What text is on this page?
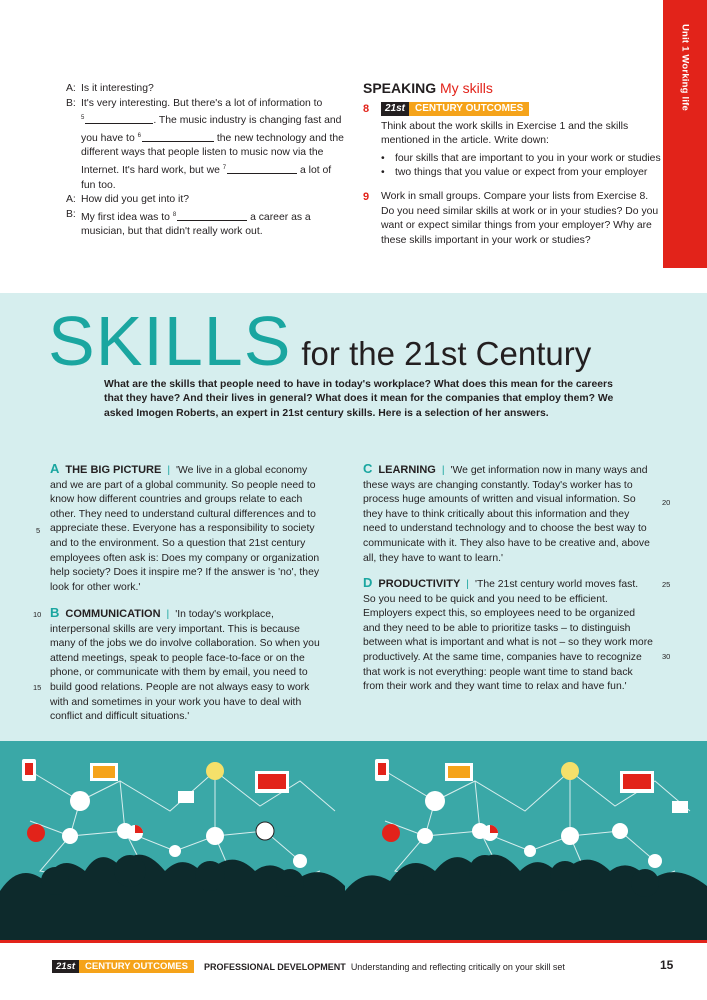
Unit 1 Working life
A: Is it interesting?
B: It's very interesting. But there's a lot of information to
$^5$	. The music industry is changing fast and
you have to $^6$	the new technology and the
different ways that people listen to music now via the
Internet. It's hard work, but we $^7$	a lot of
fun too.
A: How did you get into it?
B: My first idea was to $^8$	a career as a
musician, but that didn't really work out.
SPEAKING My skills
8	21st	CENTURY OUTCOMES
Think about the work skills in Exercise 1 and the skills mentioned in the article. Write down:
• four skills that are important to you in your work or studies
• two things that you value or expect from your employer
9	Work in small groups. Compare your lists from Exercise 8. Do you need similar skills at work or in your studies? Do you want or expect similar things from your employer? Why are these skills important in your work or studies?
SKILLS for the 21st Century
What are the skills that people need to have in today's workplace? What does this mean for the careers that they have? And their lives in general? What does it mean for the companies that employ them? We asked Imogen Roberts, an expert in 21st century skills. Here is a selection of her answers.
A THE BIG PICTURE | 'We live in a global economy and we are part of a global community. So people need to know how different countries and groups relate to each other. They need to understand cultural differences and to appreciate these. Everyone has a responsibility to society and to the environment. So a question that 21st century employees often ask is: Does my company or organization help society? Does it inspire me? If the answer is 'no', they look for other work.'
B COMMUNICATION | 'In today's workplace, interpersonal skills are very important. This is because many of the jobs we do involve collaboration. So when you attend meetings, speak to people face-to-face or on the phone, or communicate with them by email, you need to build good relations. People are not always easy to work with and sometimes in your work you have to deal with conflict and difficult situations.'
C LEARNING | 'We get information now in many ways and these ways are changing constantly. Today's worker has to process huge amounts of written and visual information. So they have to think critically about this information and they need to understand technology and to choose the best way to communicate with it. They also have to be creative and, above all, they have to want to learn.'
D PRODUCTIVITY | 'The 21st century world moves fast. So you need to be quick and you need to be efficient. Employers expect this, so employees need to be organized and they need to be able to prioritize tasks – to distinguish between what is important and what is not – so they work more productively. At the same time, companies have to recognize that work is not everything: people want time to stand back from their work and they want time to relax and have fun.'
5
10
15
20
25
30
21st	CENTURY OUTCOMES	PROFESSIONAL DEVELOPMENT Understanding and reflecting critically on your skill set	15
